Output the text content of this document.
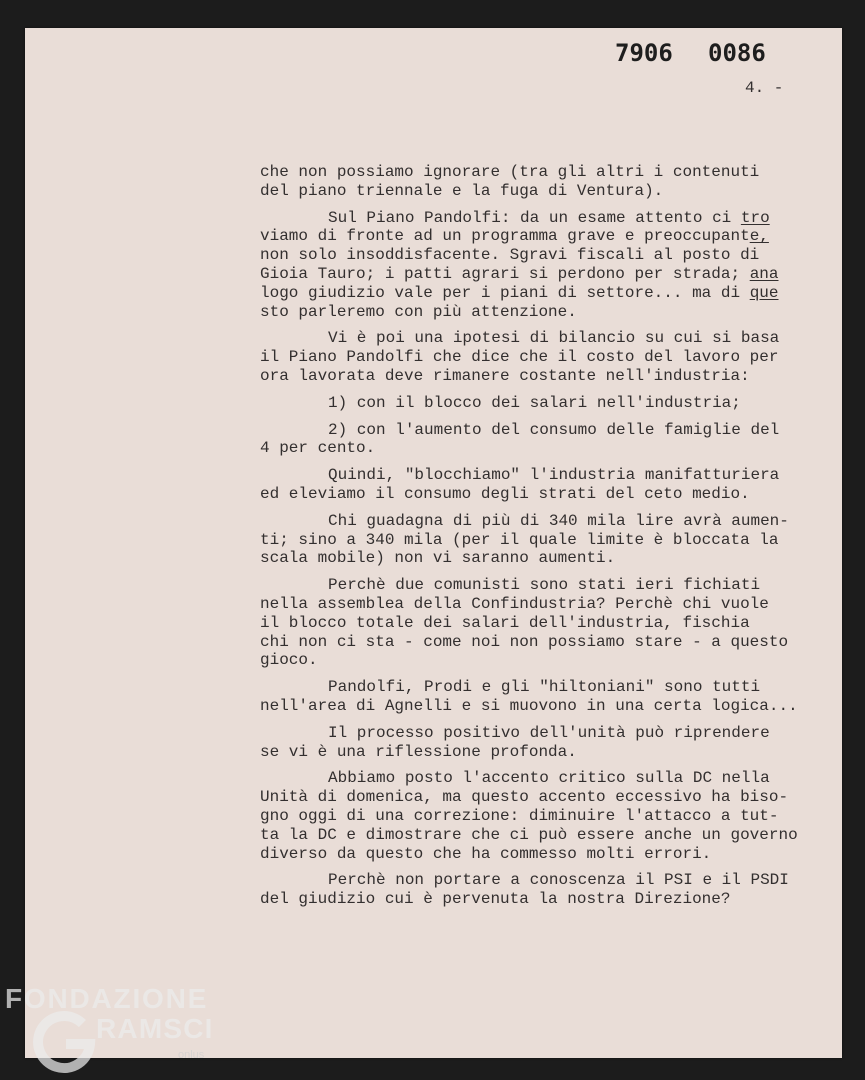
7906 0086
4. -
che non possiamo ignorare (tra gli altri i contenuti
del piano triennale e la fuga di Ventura).
Sul Piano Pandolfi: da un esame attento ci tro
viamo di fronte ad un programma grave e preoccupante,
non solo insoddisfacente. Sgravi fiscali al posto di
Gioia Tauro; i patti agrari si perdono per strada; ana
logo giudizio vale per i piani di settore... ma di que
sto parleremo con più attenzione.
Vi è poi una ipotesi di bilancio su cui si basa
il Piano Pandolfi che dice che il costo del lavoro per
ora lavorata deve rimanere costante nell'industria:
1) con il blocco dei salari nell'industria;
2) con l'aumento del consumo delle famiglie del
4 per cento.
Quindi, "blocchiamo" l'industria manifatturiera
ed eleviamo il consumo degli strati del ceto medio.
Chi guadagna di più di 340 mila lire avrà aumen-
ti; sino a 340 mila (per il quale limite è bloccata la
scala mobile) non vi saranno aumenti.
Perchè due comunisti sono stati ieri fichiati
nella assemblea della Confindustria? Perchè chi vuole
il blocco totale dei salari dell'industria, fischia
chi non ci sta - come noi non possiamo stare - a questo
gioco.
Pandolfi, Prodi e gli "hiltoniani" sono tutti
nell'area di Agnelli e si muovono in una certa logica...
Il processo positivo dell'unità può riprendere
se vi è una riflessione profonda.
Abbiamo posto l'accento critico sulla DC nella
Unità di domenica, ma questo accento eccessivo ha biso-
gno oggi di una correzione: diminuire l'attacco a tut-
ta la DC e dimostrare che ci può essere anche un governo
diverso da questo che ha commesso molti errori.
Perchè non portare a conoscenza il PSI e il PSDI
del giudizio cui è pervenuta la nostra Direzione?
FONDAZIONE
RAMSCI
onlus
